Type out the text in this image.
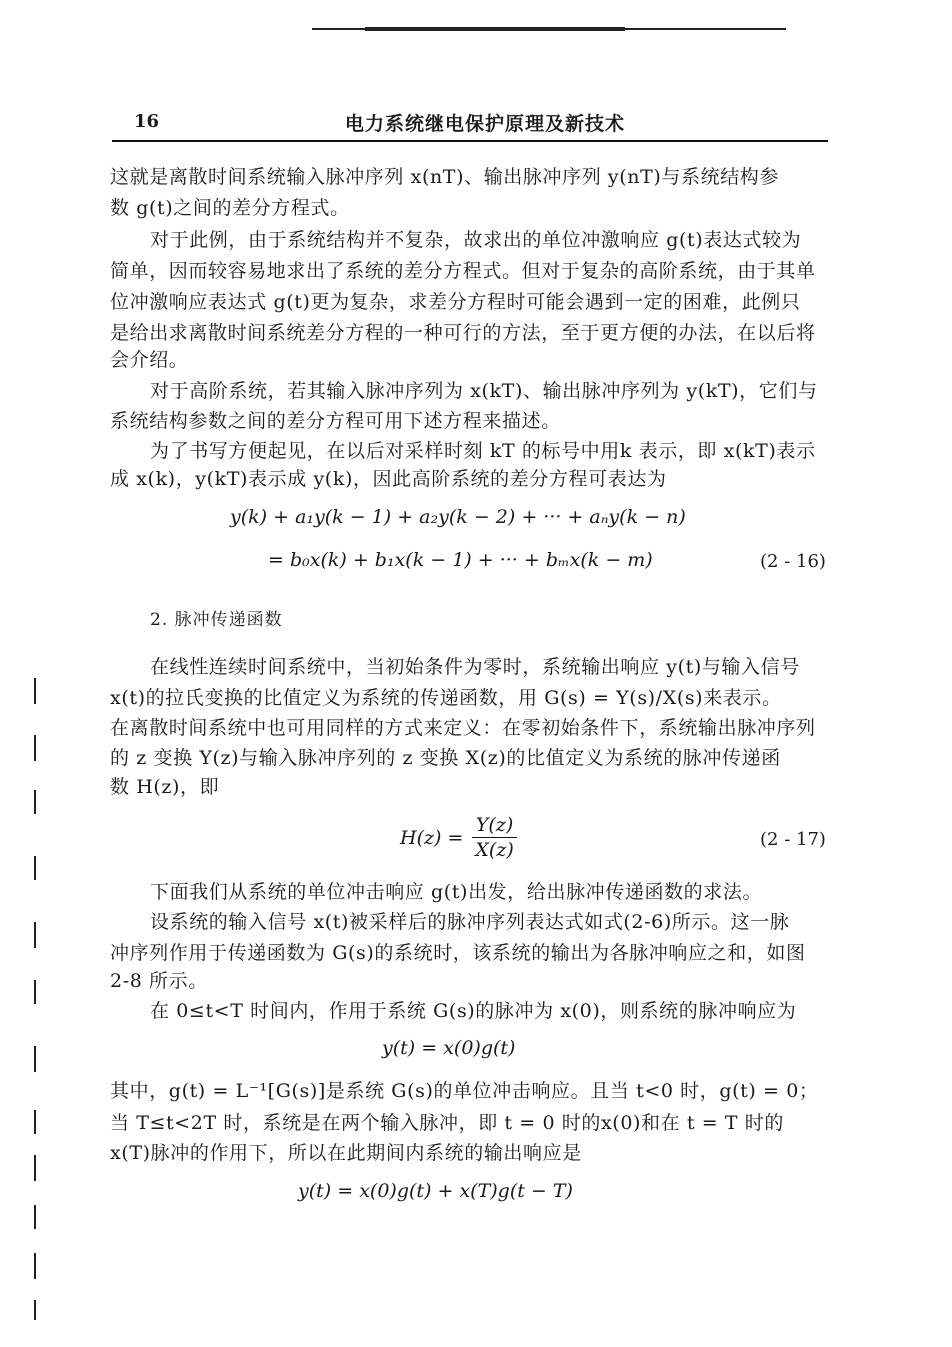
16	电力系统继电保护原理及新技术
这就是离散时间系统输入脉冲序列 x(nT)、输出脉冲序列 y(nT)与系统结构参
数 g(t)之间的差分方程式。
对于此例，由于系统结构并不复杂，故求出的单位冲激响应 g(t)表达式较为
简单，因而较容易地求出了系统的差分方程式。但对于复杂的高阶系统，由于其单
位冲激响应表达式 g(t)更为复杂，求差分方程时可能会遇到一定的困难，此例只
是给出求离散时间系统差分方程的一种可行的方法，至于更方便的办法，在以后将
会介绍。
对于高阶系统，若其输入脉冲序列为 x(kT)、输出脉冲序列为 y(kT)，它们与
系统结构参数之间的差分方程可用下述方程来描述。
为了书写方便起见，在以后对采样时刻 kT 的标号中用k 表示，即 x(kT)表示
成 x(k)，y(kT)表示成 y(k)，因此高阶系统的差分方程可表达为
y(k) + a₁y(k − 1) + a₂y(k − 2) + ··· + aₙy(k − n)
= b₀x(k) + b₁x(k − 1) + ··· + bₘx(k − m)	(2 - 16)
2. 脉冲传递函数
在线性连续时间系统中，当初始条件为零时，系统输出响应 y(t)与输入信号
x(t)的拉氏变换的比值定义为系统的传递函数，用 G(s) = Y(s)/X(s)来表示。
在离散时间系统中也可用同样的方式来定义：在零初始条件下，系统输出脉冲序列
的 z 变换 Y(z)与输入脉冲序列的 z 变换 X(z)的比值定义为系统的脉冲传递函
数 H(z)，即
$H(z) = \frac{Y(z)}{X(z)}$	(2 - 17)
下面我们从系统的单位冲击响应 g(t)出发，给出脉冲传递函数的求法。
设系统的输入信号 x(t)被采样后的脉冲序列表达式如式(2-6)所示。这一脉
冲序列作用于传递函数为 G(s)的系统时，该系统的输出为各脉冲响应之和，如图
2-8 所示。
在 0≤t<T 时间内，作用于系统 G(s)的脉冲为 x(0)，则系统的脉冲响应为
y(t) = x(0)g(t)
其中，g(t) = L⁻¹[G(s)]是系统 G(s)的单位冲击响应。且当 t<0 时，g(t) = 0；
当 T≤t<2T 时，系统是在两个输入脉冲，即 t = 0 时的x(0)和在 t = T 时的
x(T)脉冲的作用下，所以在此期间内系统的输出响应是
y(t) = x(0)g(t) + x(T)g(t − T)
